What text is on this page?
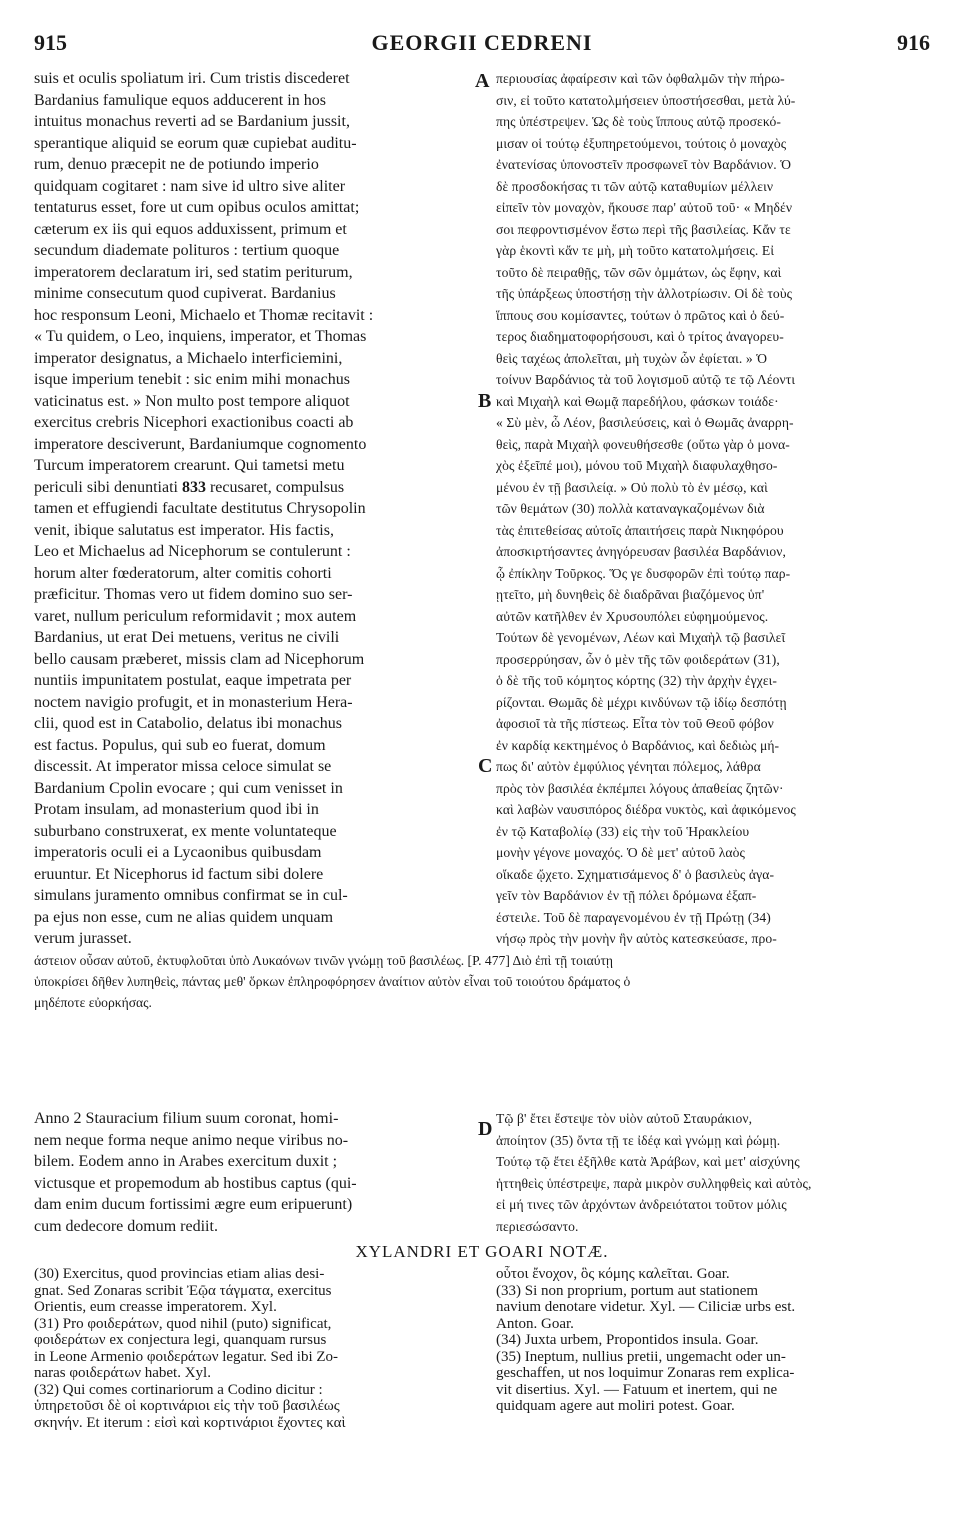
915	GEORGII CEDRENI	916
suis et oculis spoliatum iri. Cum tristis discederet
Bardanius famulique equos adducerent in hos
intuitus monachus reverti ad se Bardanium jussit,
sperantique aliquid se eorum quæ cupiebat auditu-
rum, denuo præcepit ne de potiundo imperio
quidquam cogitaret : nam sive id ultro sive aliter
tentaturus esset, fore ut cum opibus oculos amittat;
cæterum ex iis qui equos adduxissent, primum et
secundum diademate polituros : tertium quoque
imperatorem declaratum iri, sed statim periturum,
minime consecutum quod cupiverat. Bardanius
hoc responsum Leoni, Michaelo et Thomæ recitavit :
« Tu quidem, o Leo, inquiens, imperator, et Thomas
imperator designatus, a Michaelo interficiemini,
isque imperium tenebit : sic enim mihi monachus
vaticinatus est. » Non multo post tempore aliquot
exercitus crebris Nicephori exactionibus coacti ab
imperatore desciverunt, Bardaniumque cognomento
Turcum imperatorem crearunt. Qui tametsi metu
periculi sibi denuntiati 833 recusaret, compulsus
tamen et effugiendi facultate destitutus Chrysopolin
venit, ibique salutatus est imperator. His factis,
Leo et Michaelus ad Nicephorum se contulerunt :
horum alter fœderatorum, alter comitis cohorti
præficitur. Thomas vero ut fidem domino suo ser-
varet, nullum periculum reformidavit ; mox autem
Bardanius, ut erat Dei metuens, veritus ne civili
bello causam præberet, missis clam ad Nicephorum
nuntiis impunitatem postulat, eaque impetrata per
noctem navigio profugit, et in monasterium Hera-
clii, quod est in Catabolio, delatus ibi monachus
est factus. Populus, qui sub eo fuerat, domum
discessit. At imperator missa celoce simulat se
Bardanium Cpolin evocare ; qui cum venisset in
Protam insulam, ad monasterium quod ibi in
suburbano construxerat, ex mente voluntateque
imperatoris oculi ei a Lycaonibus quibusdam
eruuntur. Et Nicephorus id factum sibi dolere
simulans juramento omnibus confirmat se in cul-
pa ejus non esse, cum ne alias quidem unquam
verum jurasset.
A
B
C
D
περιουσίας ἀφαίρεσιν καὶ τῶν ὀφθαλμῶν τὴν πήρω-
σιν, εἰ τοῦτο κατατολμήσειεν ὑποστήσεσθαι, μετὰ λύ-
πης ὑπέστρεψεν. Ὡς δὲ τοὺς ἵππους αὐτῷ προσεκό-
μισαν οἱ τούτῳ ἐξυπηρετούμενοι, τούτοις ὁ μοναχὸς
ἐνατενίσας ὑπονοστεῖν προσφωνεῖ τὸν Βαρδάνιον. Ὁ
δὲ προσδοκήσας τι τῶν αὐτῷ καταθυμίων μέλλειν
εἰπεῖν τὸν μοναχὸν, ἤκουσε παρ' αὐτοῦ τοῦ· « Μηδέν
σοι πεφροντισμένον ἔστω περὶ τῆς βασιλείας. Κἄν τε
γὰρ ἑκοντὶ κἄν τε μὴ, μὴ τοῦτο κατατολμήσεις. Εἰ
τοῦτο δὲ πειραθῇς, τῶν σῶν ὀμμάτων, ὡς ἔφην, καὶ
τῆς ὑπάρξεως ὑποστήσῃ τὴν ἀλλοτρίωσιν. Οἱ δὲ τοὺς
ἵππους σου κομίσαντες, τούτων ὁ πρῶτος καὶ ὁ δεύ-
τερος διαδηματοφορήσουσι, καὶ ὁ τρίτος ἀναγορευ-
θεὶς ταχέως ἀπολεῖται, μὴ τυχὼν ὧν ἐφίεται. » Ὁ
τοίνυν Βαρδάνιος τὰ τοῦ λογισμοῦ αὐτῷ τε τῷ Λέοντι
καὶ Μιχαὴλ καὶ Θωμᾷ παρεδήλου, φάσκων τοιάδε·
« Σὺ μὲν, ὦ Λέον, βασιλεύσεις, καὶ ὁ Θωμᾶς ἀναρρη-
θεὶς, παρὰ Μιχαὴλ φονευθήσεσθε (οὕτω γὰρ ὁ μονα-
χὸς ἐξεῖπέ μοι), μόνου τοῦ Μιχαὴλ διαφυλαχθησο-
μένου ἐν τῇ βασιλείᾳ. » Οὐ πολὺ τὸ ἐν μέσῳ, καὶ
τῶν θεμάτων (30) πολλὰ καταναγκαζομένων διὰ
τὰς ἐπιτεθείσας αὐτοῖς ἀπαιτήσεις παρὰ Νικηφόρου
ἀποσκιρτήσαντες ἀνηγόρευσαν βασιλέα Βαρδάνιον,
ᾧ ἐπίκλην Τοῦρκος. Ὅς γε δυσφορῶν ἐπὶ τούτῳ παρ-
ῃτεῖτο, μὴ δυνηθεὶς δὲ διαδρᾶναι βιαζόμενος ὑπ'
αὐτῶν κατῆλθεν ἐν Χρυσουπόλει εὐφημούμενος.
Τούτων δὲ γενομένων, Λέων καὶ Μιχαὴλ τῷ βασιλεῖ
προσερρύησαν, ὧν ὁ μὲν τῆς τῶν φοιδεράτων (31),
ὁ δὲ τῆς τοῦ κόμητος κόρτης (32) τὴν ἀρχὴν ἐγχει-
ρίζονται. Θωμᾶς δὲ μέχρι κινδύνων τῷ ἰδίῳ δεσπότῃ
ἀφοσιοῖ τὰ τῆς πίστεως. Εἶτα τὸν τοῦ Θεοῦ φόβον
ἐν καρδίᾳ κεκτημένος ὁ Βαρδάνιος, καὶ δεδιὼς μή-
πως δι' αὐτὸν ἐμφύλιος γένηται πόλεμος, λάθρα
πρὸς τὸν βασιλέα ἐκπέμπει λόγους ἀπαθείας ζητῶν·
καὶ λαβὼν ναυσιπόρος διέδρα νυκτὸς, καὶ ἀφικόμενος
ἐν τῷ Καταβολίῳ (33) εἰς τὴν τοῦ Ἡρακλείου
μονὴν γέγονε μοναχός. Ὁ δὲ μετ' αὐτοῦ λαὸς
οἴκαδε ᾤχετο. Σχηματισάμενος δ' ὁ βασιλεὺς ἀγα-
γεῖν τὸν Βαρδάνιον ἐν τῇ πόλει δρόμωνα ἐξαπ-
έστειλε. Τοῦ δὲ παραγενομένου ἐν τῇ Πρώτῃ (34)
νήσῳ πρὸς τὴν μονὴν ἣν αὐτὸς κατεσκεύασε, προ-
άστειον οὖσαν αὐτοῦ, ἐκτυφλοῦται ὑπὸ Λυκαόνων τινῶν γνώμῃ τοῦ βασιλέως. [P. 477] Διὸ ἐπὶ τῇ τοιαύτῃ
ὑποκρίσει δῆθεν λυπηθεὶς, πάντας μεθ' ὅρκων ἐπληροφόρησεν ἀναίτιον αὐτὸν εἶναι τοῦ τοιούτου δράματος ὁ
μηδέποτε εὐορκήσας.
Anno 2 Stauracium filium suum coronat, homi-
nem neque forma neque animo neque viribus no-
bilem. Eodem anno in Arabes exercitum duxit ;
victusque et propemodum ab hostibus captus (qui-
dam enim ducum fortissimi ægre eum eripuerunt)
cum dedecore domum rediit.
Τῷ β' ἔτει ἔστεψε τὸν υἱὸν αὐτοῦ Σταυράκιον,
ἀποίητον (35) ὄντα τῇ τε ἰδέᾳ καὶ γνώμῃ καὶ ῥώμῃ.
Τούτῳ τῷ ἔτει ἐξῆλθε κατὰ Ἀράβων, καὶ μετ' αἰσχύνης
ἡττηθεὶς ὑπέστρεψε, παρὰ μικρὸν συλληφθεὶς καὶ αὐτὸς,
εἰ μή τινες τῶν ἀρχόντων ἀνδρειότατοι τοῦτον μόλις
περιεσώσαντο.
XYLANDRI ET GOARI NOTÆ.
(30) Exercitus, quod provincias etiam alias desi-
gnat. Sed Zonaras scribit Ἐῷα τάγματα, exercitus
Orientis, eum creasse imperatorem. Xyl.
(31) Pro φοιδεράτων, quod nihil (puto) significat,
φοιδεράτων ex conjectura legi, quanquam rursus
in Leone Armenio φοιδεράτων legatur. Sed ibi Zo-
naras φοιδεράτων habet. Xyl.
(32) Qui comes cortinariorum a Codino dicitur :
ὑπηρετοῦσι δὲ οἱ κορτινάριοι εἰς τὴν τοῦ βασιλέως
σκηνήν. Et iterum : εἰσὶ καὶ κορτινάριοι ἔχοντες καὶ
οὗτοι ἔνοχον, ὃς κόμης καλεῖται. Goar.
(33) Si non proprium, portum aut stationem
navium denotare videtur. Xyl. — Ciliciæ urbs est.
Anton. Goar.
(34) Juxta urbem, Propontidos insula. Goar.
(35) Ineptum, nullius pretii, ungemacht oder un-
geschaffen, ut nos loquimur Zonaras rem explica-
vit disertius. Xyl. — Fatuum et inertem, qui ne
quidquam agere aut moliri potest. Goar.
